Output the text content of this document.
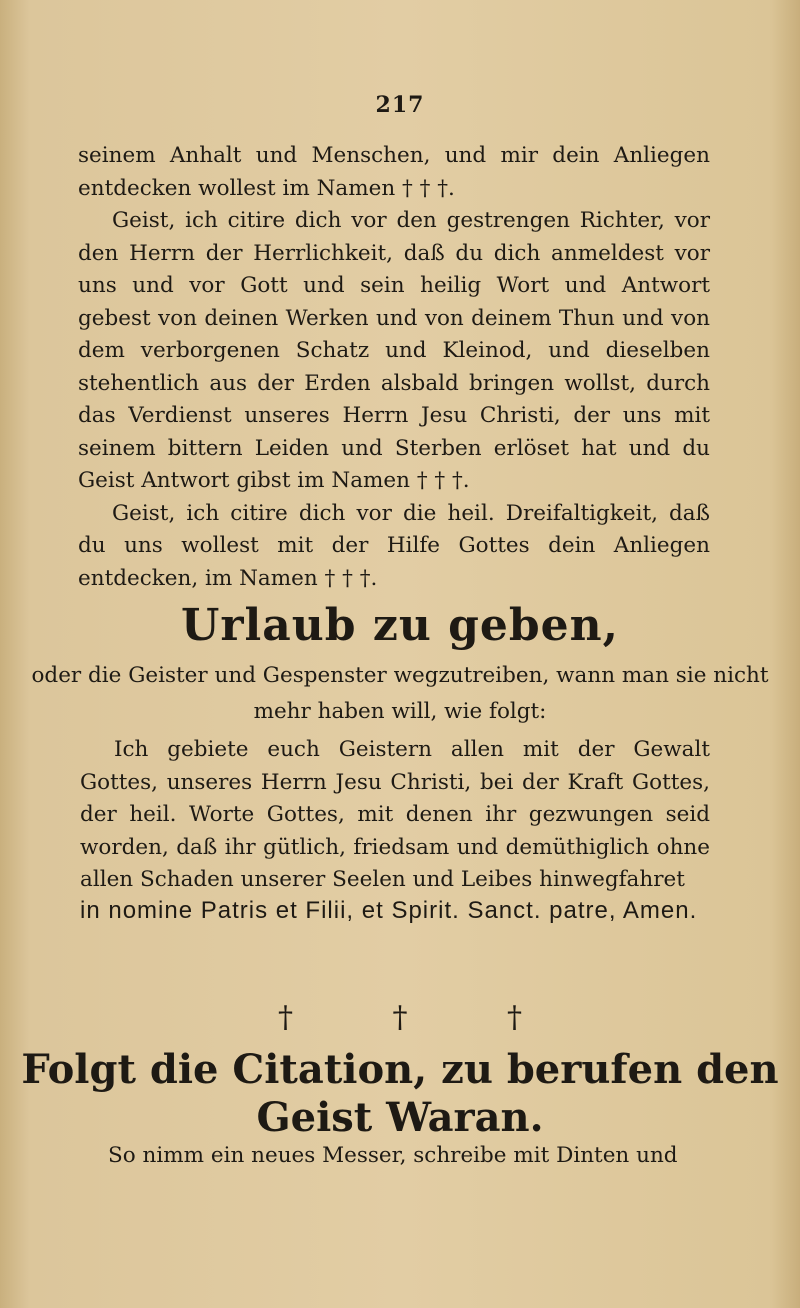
217

seinem Anhalt und Menschen, und mir dein Anliegen entdecken wollest im Namen † † †.

Geist, ich citire dich vor den gestrengen Richter, vor den Herrn der Herrlichkeit, daß du dich anmeldest vor uns und vor Gott und sein heilig Wort und Antwort gebest von deinen Werken und von deinem Thun und von dem verborgenen Schatz und Kleinod, und dieselben stehentlich aus der Erden alsbald bringen wollst, durch das Verdienst unseres Herrn Jesu Christi, der uns mit seinem bittern Leiden und Sterben erlöset hat und du Geist Antwort gibst im Namen † † †.

Geist, ich citire dich vor die heil. Dreifaltigkeit, daß du uns wollest mit der Hilfe Gottes dein Anliegen entdecken, im Namen † † †.

Urlaub zu geben,
oder die Geister und Gespenster wegzutreiben, wann man sie nicht mehr haben will, wie folgt:

Ich gebiete euch Geistern allen mit der Gewalt Gottes, unseres Herrn Jesu Christi, bei der Kraft Gottes, der heil. Worte Gottes, mit denen ihr gezwungen seid worden, daß ihr gütlich, friedsam und demüthiglich ohne allen Schaden unserer Seelen und Leibes hinwegfahret

in nomine Patris et Filii, et Spirit. Sanct. patre, Amen.
† † †
Folgt die Citation, zu berufen den Geist Waran.
So nimm ein neues Messer, schreibe mit Dinten und
